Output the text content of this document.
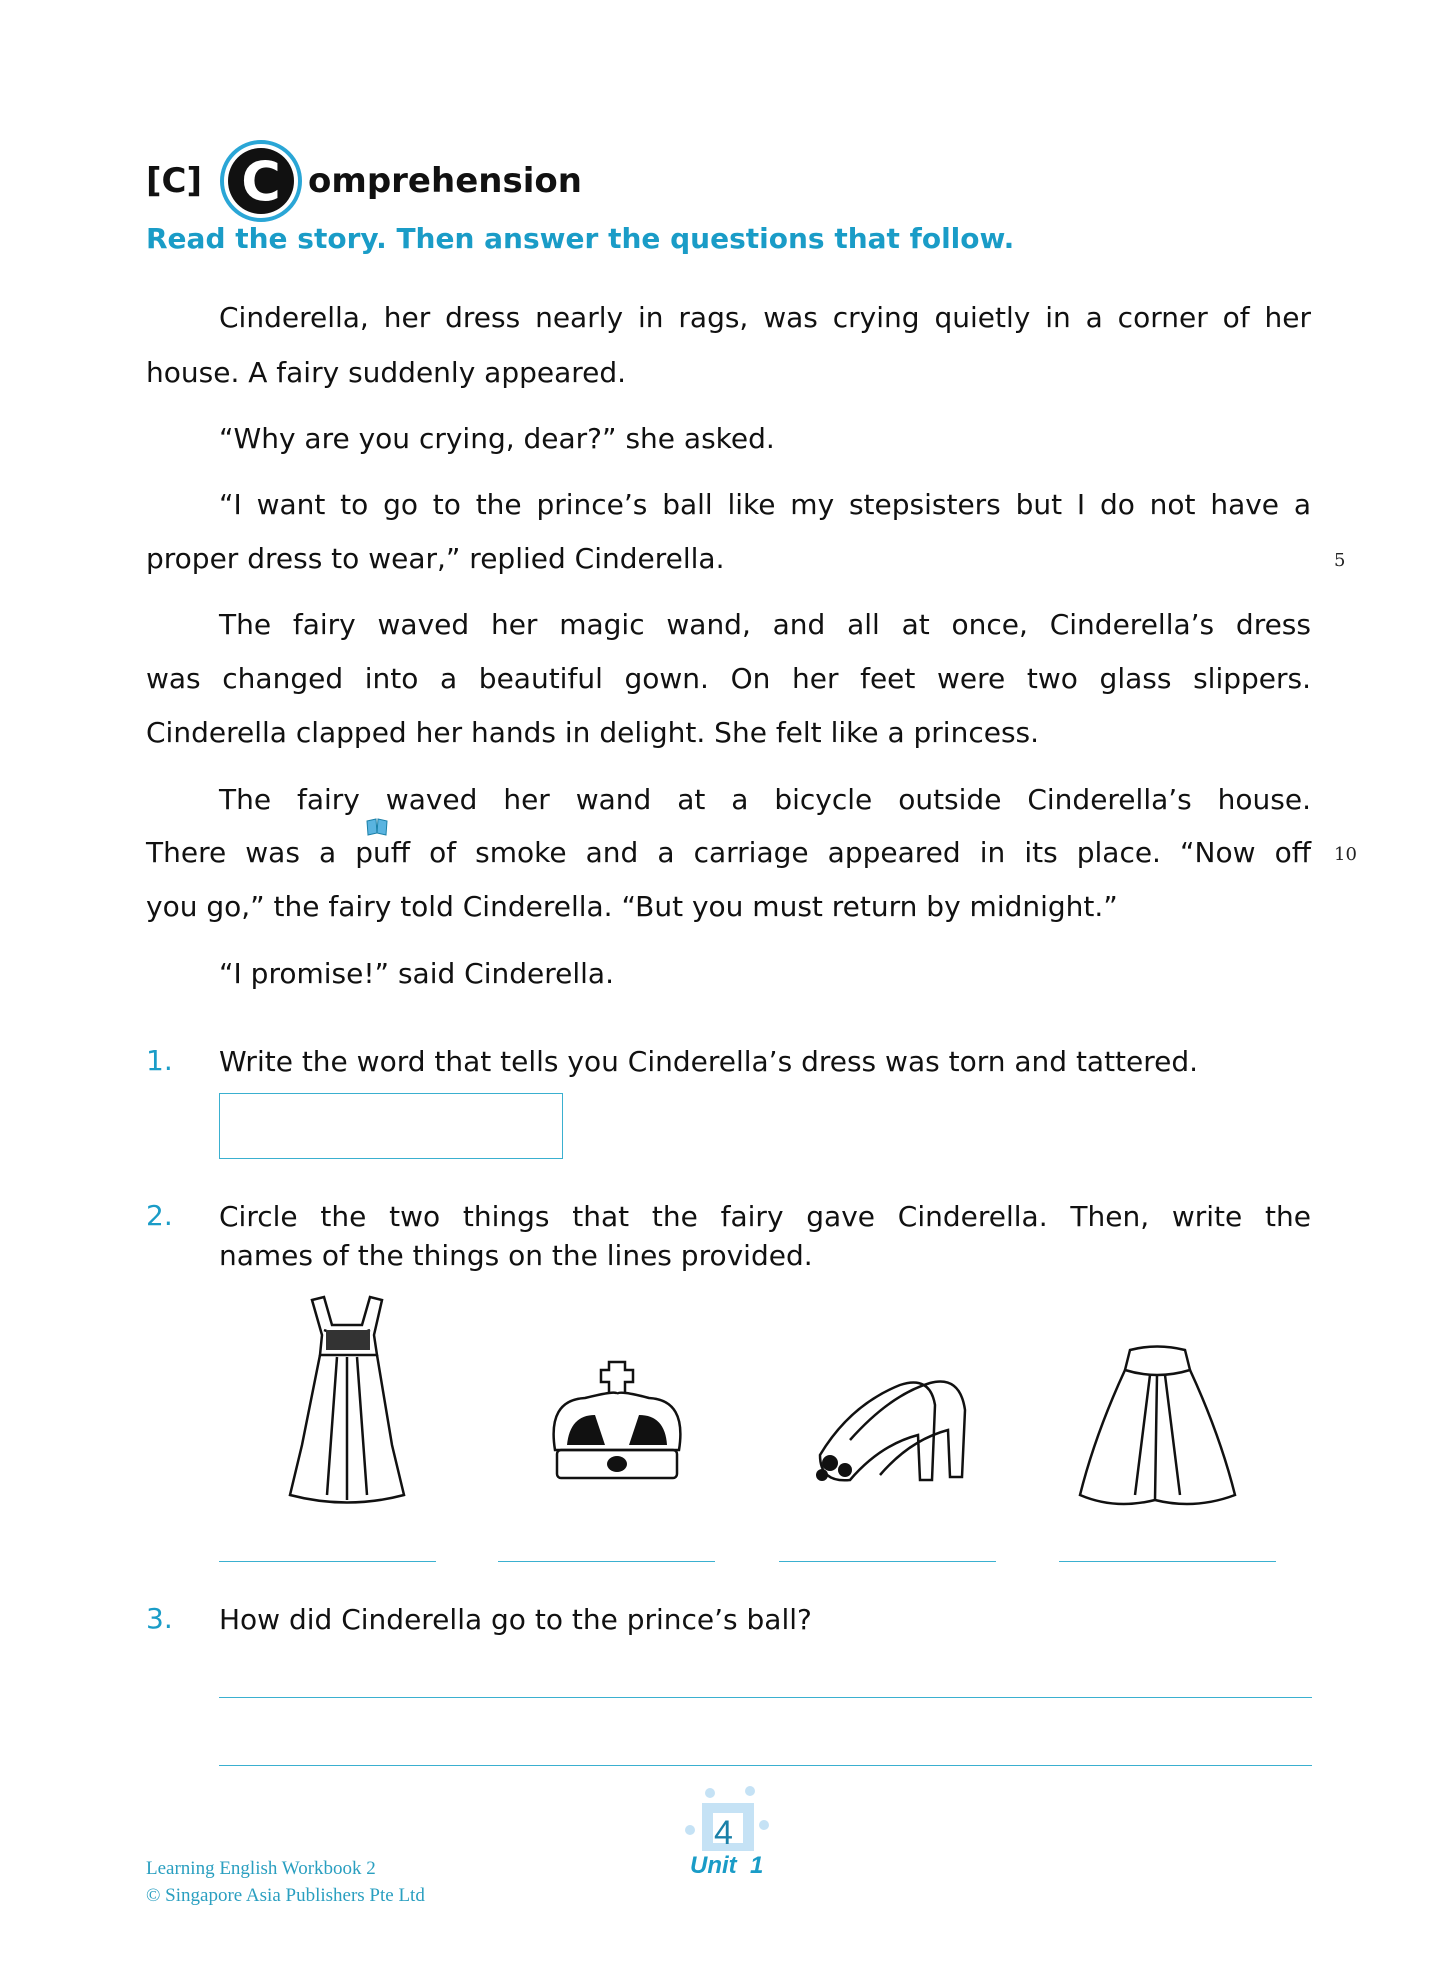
[C] C omprehension
Read the story. Then answer the questions that follow.
Cinderella, her dress nearly in rags, was crying quietly in a corner of her
house. A fairy suddenly appeared.
“Why are you crying, dear?” she asked.
“I want to go to the prince’s ball like my stepsisters but I do not have a
proper dress to wear,” replied Cinderella.
The fairy waved her magic wand, and all at once, Cinderella’s dress
was changed into a beautiful gown. On her feet were two glass slippers.
Cinderella clapped her hands in delight. She felt like a princess.
The fairy waved her wand at a bicycle outside Cinderella’s house.
There was a puff of smoke and a carriage appeared in its place. “Now off
you go,” the fairy told Cinderella. “But you must return by midnight.”
“I promise!” said Cinderella.
5
10
1. Write the word that tells you Cinderella’s dress was torn and tattered.
2. Circle the two things that the fairy gave Cinderella. Then, write the
names of the things on the lines provided.
3. How did Cinderella go to the prince’s ball?
Learning English Workbook 2
© Singapore Asia Publishers Pte Ltd
4
Unit  1
